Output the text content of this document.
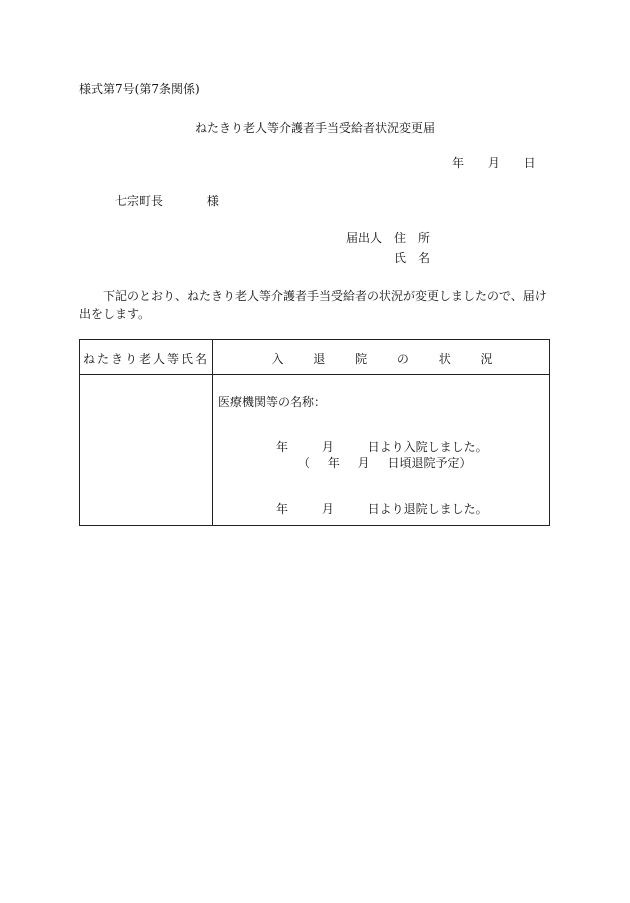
様式第7号(第7条関係)
ねたきり老人等介護者手当受給者状況変更届
年 月 日
七宗町長 様
届出人　住　所
氏　名
下記のとおり、ねたきり老人等介護者手当受給者の状況が変更しましたので、届け出をします。
ねたきり老人等氏名	入 退 院 の 状 況
医療機関等の名称：
年 月 日より入院しました。
（ 年 月 日頃退院予定）
年 月 日より退院しました。
